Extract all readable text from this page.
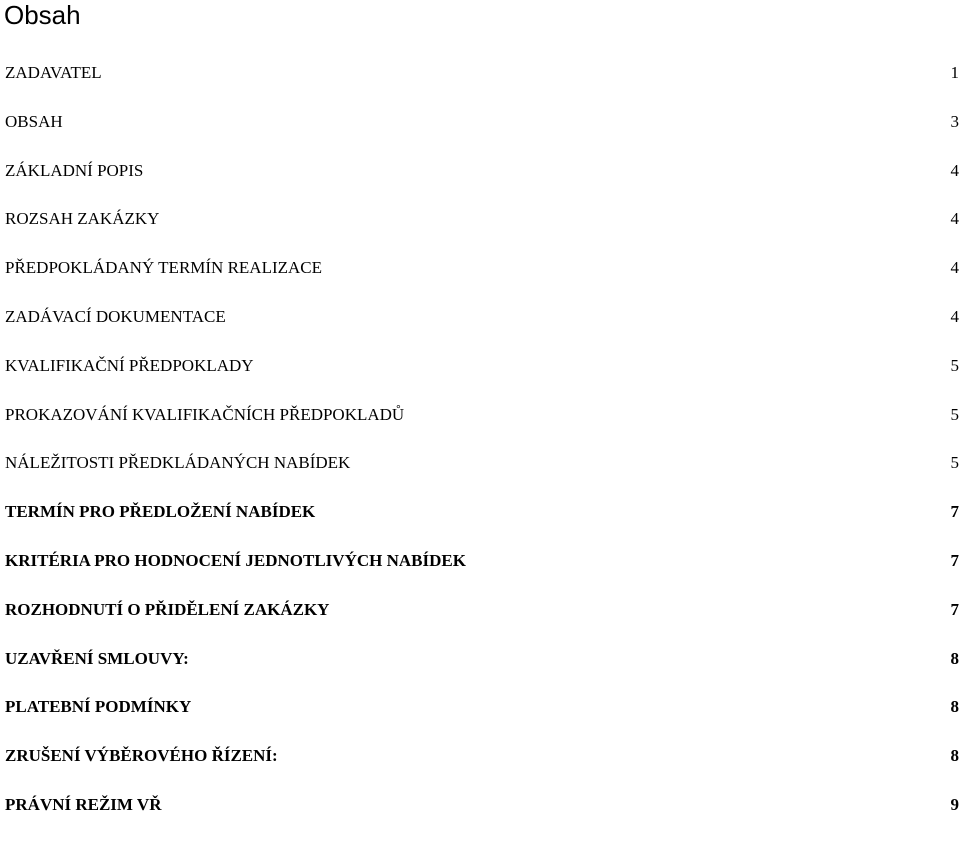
Obsah
ZADAVATEL	1
OBSAH	3
ZÁKLADNÍ POPIS	4
ROZSAH ZAKÁZKY	4
PŘEDPOKLÁDANÝ TERMÍN REALIZACE	4
ZADÁVACÍ DOKUMENTACE	4
KVALIFIKAČNÍ PŘEDPOKLADY	5
PROKAZOVÁNÍ KVALIFIKAČNÍCH PŘEDPOKLADŮ	5
NÁLEŽITOSTI PŘEDKLÁDANÝCH NABÍDEK	5
TERMÍN PRO PŘEDLOŽENÍ NABÍDEK	7
KRITÉRIA PRO HODNOCENÍ JEDNOTLIVÝCH NABÍDEK	7
ROZHODNUTÍ O PŘIDĚLENÍ ZAKÁZKY	7
UZAVŘENÍ SMLOUVY:	8
PLATEBNÍ PODMÍNKY	8
ZRUŠENÍ VÝBĚROVÉHO ŘÍZENÍ:	8
PRÁVNÍ REŽIM VŘ	9
